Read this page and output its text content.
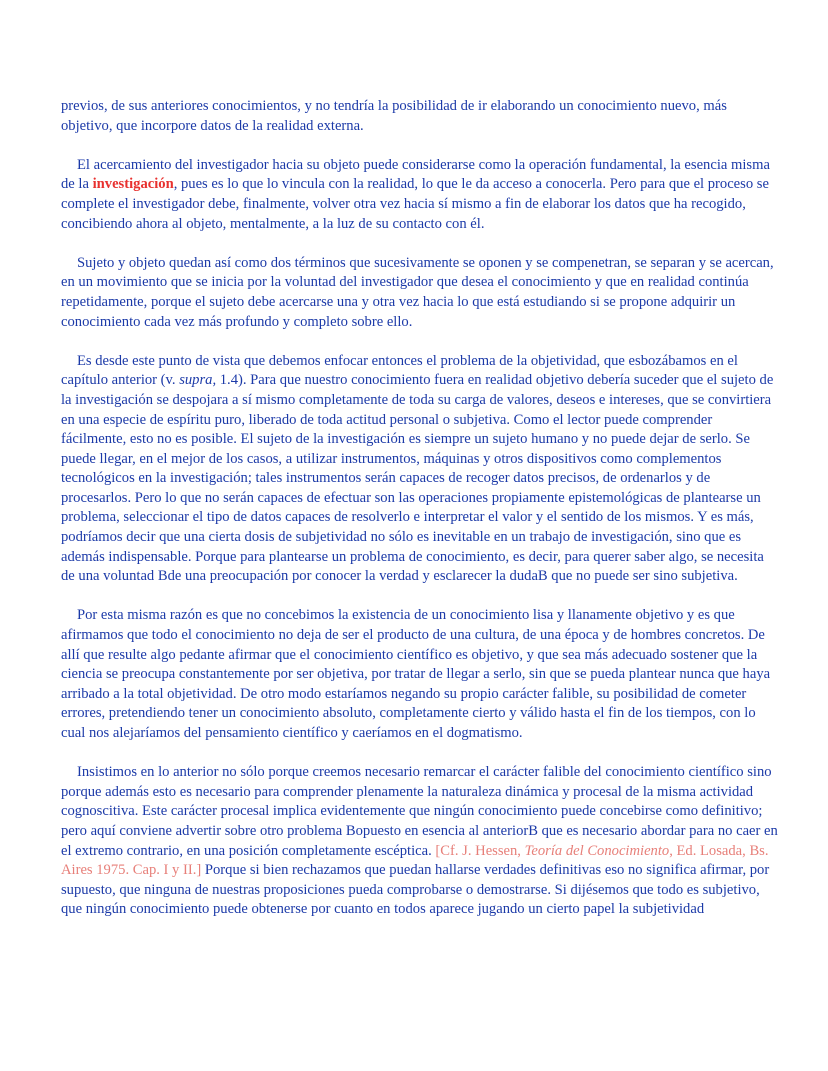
previos, de sus anteriores conocimientos, y no tendría la posibilidad de ir elaborando un conocimiento nuevo, más objetivo, que incorpore datos de la realidad externa.

El acercamiento del investigador hacia su objeto puede considerarse como la operación fundamental, la esencia misma de la investigación, pues es lo que lo vincula con la realidad, lo que le da acceso a conocerla. Pero para que el proceso se complete el investigador debe, finalmente, volver otra vez hacia sí mismo a fin de elaborar los datos que ha recogido, concibiendo ahora al objeto, mentalmente, a la luz de su contacto con él.

Sujeto y objeto quedan así como dos términos que sucesivamente se oponen y se compenetran, se separan y se acercan, en un movimiento que se inicia por la voluntad del investigador que desea el conocimiento y que en realidad continúa repetidamente, porque el sujeto debe acercarse una y otra vez hacia lo que está estudiando si se propone adquirir un conocimiento cada vez más profundo y completo sobre ello.

Es desde este punto de vista que debemos enfocar entonces el problema de la objetividad, que esbozábamos en el capítulo anterior (v. supra, 1.4). Para que nuestro conocimiento fuera en realidad objetivo debería suceder que el sujeto de la investigación se despojara a sí mismo completamente de toda su carga de valores, deseos e intereses, que se convirtiera en una especie de espíritu puro, liberado de toda actitud personal o subjetiva. Como el lector puede comprender fácilmente, esto no es posible. El sujeto de la investigación es siempre un sujeto humano y no puede dejar de serlo. Se puede llegar, en el mejor de los casos, a utilizar instrumentos, máquinas y otros dispositivos como complementos tecnológicos en la investigación; tales instrumentos serán capaces de recoger datos precisos, de ordenarlos y de procesarlos. Pero lo que no serán capaces de efectuar son las operaciones propiamente epistemológicas de plantearse un problema, seleccionar el tipo de datos capaces de resolverlo e interpretar el valor y el sentido de los mismos. Y es más, podríamos decir que una cierta dosis de subjetividad no sólo es inevitable en un trabajo de investigación, sino que es además indispensable. Porque para plantearse un problema de conocimiento, es decir, para querer saber algo, se necesita de una voluntad Bde una preocupación por conocer la verdad y esclarecer la dudaB que no puede ser sino subjetiva.

Por esta misma razón es que no concebimos la existencia de un conocimiento lisa y llanamente objetivo y es que afirmamos que todo el conocimiento no deja de ser el producto de una cultura, de una época y de hombres concretos. De allí que resulte algo pedante afirmar que el conocimiento científico es objetivo, y que sea más adecuado sostener que la ciencia se preocupa constantemente por ser objetiva, por tratar de llegar a serlo, sin que se pueda plantear nunca que haya arribado a la total objetividad. De otro modo estaríamos negando su propio carácter falible, su posibilidad de cometer errores, pretendiendo tener un conocimiento absoluto, completamente cierto y válido hasta el fin de los tiempos, con lo cual nos alejaríamos del pensamiento científico y caeríamos en el dogmatismo.

Insistimos en lo anterior no sólo porque creemos necesario remarcar el carácter falible del conocimiento científico sino porque además esto es necesario para comprender plenamente la naturaleza dinámica y procesal de la misma actividad cognoscitiva. Este carácter procesal implica evidentemente que ningún conocimiento puede concebirse como definitivo; pero aquí conviene advertir sobre otro problema Bopuesto en esencia al anteriorB que es necesario abordar para no caer en el extremo contrario, en una posición completamente escéptica. [Cf. J. Hessen, Teoría del Conocimiento, Ed. Losada, Bs. Aires 1975. Cap. I y II.] Porque si bien rechazamos que puedan hallarse verdades definitivas eso no significa afirmar, por supuesto, que ninguna de nuestras proposiciones pueda comprobarse o demostrarse. Si dijésemos que todo es subjetivo, que ningún conocimiento puede obtenerse por cuanto en todos aparece jugando un cierto papel la subjetividad
